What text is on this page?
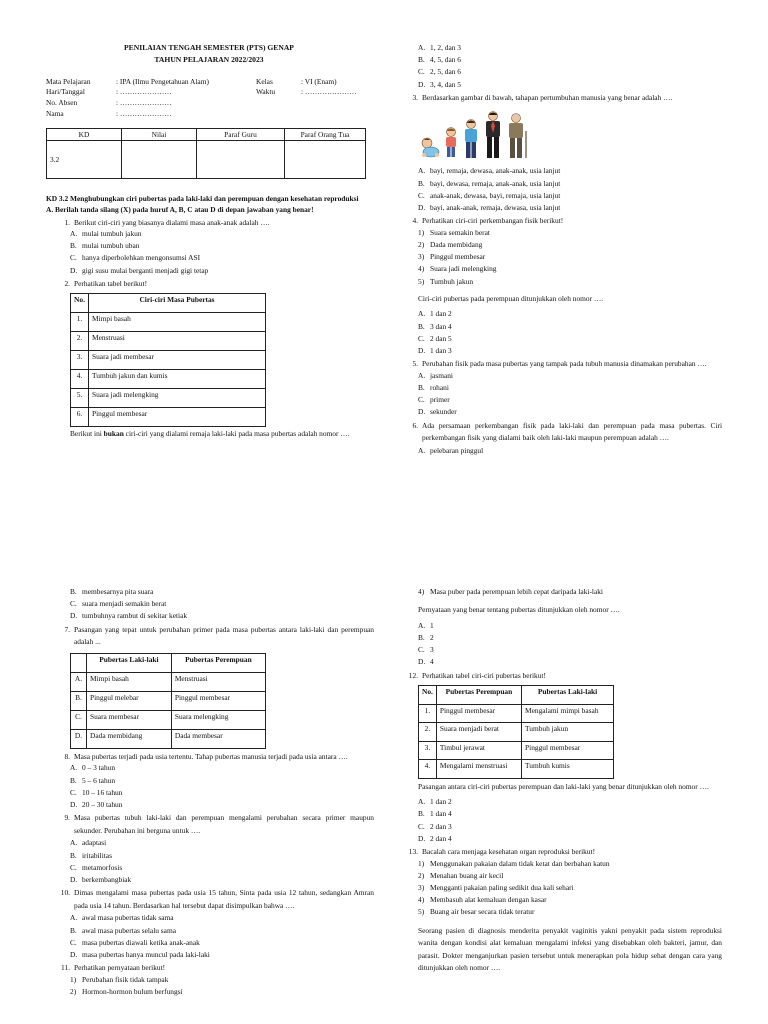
PENILAIAN TENGAH SEMESTER (PTS) GENAP
TAHUN PELAJARAN 2022/2023
Mata Pelajaran	: IPA (Ilmu Pengetahuan Alam)	Kelas	: VI (Enam)
Hari/Tanggal	: …………………	Waktu	: …………………
No. Absen	: …………………
Nama	: …………………
KD	Nilai	Paraf Guru	Paraf Orang Tua
3.2			
KD 3.2 Menghubungkan ciri pubertas pada laki-laki dan perempuan dengan kesehatan reproduksi
A. Berilah tanda silang (X) pada huruf A, B, C atau D di depan jawaban yang benar!
1. Berikut ciri-ciri yang biasanya dialami masa anak-anak adalah ….
A. mulai tumbuh jakun
B. mulai tumbuh uban
C. hanya diperbolehkan mengonsumsi ASI
D. gigi susu mulai berganti menjadi gigi tetap
2. Perhatikan tabel berikut!
No.	Ciri-ciri Masa Pubertas
1.	Mimpi basah
2.	Menstruasi
3.	Suara jadi membesar
4.	Tumbuh jakun dan kumis
5.	Suara jadi melengking
6.	Pinggul membesar
Berikut ini bukan ciri-ciri yang dialami remaja laki-laki pada masa pubertas adalah nomor ….
A. 1, 2, dan 3
B. 4, 5, dan 6
C. 2, 5, dan 6
D. 3, 4, dan 5
3. Berdasarkan gambar di bawah, tahapan pertumbuhan manusia yang benar adalah ….
A. bayi, remaja, dewasa, anak-anak, usia lanjut
B. bayi, dewasa, remaja, anak-anak, usia lanjut
C. anak-anak, dewasa, bayi, remaja, usia lanjut
D. bayi, anak-anak, remaja, dewasa, usia lanjut
4. Perhatikan ciri-ciri perkembangan fisik berikut!
1) Suara semakin berat
2) Dada membidang
3) Pinggul membesar
4) Suara jadi melengking
5) Tumbuh jakun
Ciri-ciri pubertas pada perempuan ditunjukkan oleh nomor ….
A. 1 dan 2
B. 3 dan 4
C. 2 dan 5
D. 1 dan 3
5. Perubahan fisik pada masa pubertas yang tampak pada tubuh manusia dinamakan perubahan ….
A. jasmani
B. rohani
C. primer
D. sekunder
6. Ada persamaan perkembangan fisik pada laki-laki dan perempuan pada masa pubertas. Ciri perkembangan fisik yang dialami baik oleh laki-laki maupun perempuan adalah ….
A. pelebaran pinggul
B. membesarnya pita suara
C. suara menjadi semakin berat
D. tumbuhnya rambut di sekitar ketiak
7. Pasangan yang tepat untuk perubahan primer pada masa pubertas antara laki-laki dan perempuan adalah ...
	Pubertas Laki-laki	Pubertas Perempuan
A.	Mimpi basah	Menstruasi
B.	Pinggul melebar	Pinggul membesar
C.	Suara membesar	Suara melengking
D.	Dada membidang	Dada membesar
8. Masa pubertas terjadi pada usia tertentu. Tahap pubertas manusia terjadi pada usia antara ….
A. 0 – 3 tahun
B. 5 – 6 tahun
C. 10 – 16 tahun
D. 20 – 30 tahun
9. Masa pubertas tubuh laki-laki dan perempuan mengalami perubahan secara primer maupun sekunder. Perubahan ini berguna untuk ….
A. adaptasi
B. iritabilitas
C. metamorfosis
D. berkembangbiak
10. Dimas mengalami masa pubertas pada usia 15 tahun, Sinta pada usia 12 tahun, sedangkan Amran pada usia 14 tahun. Berdasarkan hal tersebut dapat disimpulkan bahwa ….
A. awal masa pubertas tidak sama
B. awal masa pubertas selalu sama
C. masa pubertas diawali ketika anak-anak
D. masa pubertas hanya muncul pada laki-laki
11. Perhatikan pernyataan berikut!
1) Perubahan fisik tidak tampak
2) Hormon-hormon bulum berfungsi
4) Masa puber pada perempuan lebih cepat daripada laki-laki
Pernyataan yang benar tentang pubertas ditunjukkan oleh nomor ….
A. 1
B. 2
C. 3
D. 4
12. Perhatikan tabel ciri-ciri pubertas berikut!
No.	Pubertas Perempuan	Pubertas Laki-laki
1.	Pinggul membesar	Mengalami mimpi basah
2.	Suara menjadi berat	Tumbuh jakun
3.	Timbul jerawat	Pinggul membesar
4.	Mengalami menstruasi	Tumbuh kumis
Pasangan antara ciri-ciri pubertas perempuan dan laki-laki yang benar ditunjukkan oleh nomor ….
A. 1 dan 2
B. 1 dan 4
C. 2 dan 3
D. 2 dan 4
13. Bacalah cara menjaga kesehatan organ reproduksi berikut!
1) Menggunakan pakaian dalam tidak ketat dan berbahan katun
2) Menahan buang air kecil
3) Mengganti pakaian paling sedikit dua kali sehari
4) Membasuh alat kemaluan dengan kasar
5) Buang air besar secara tidak teratur
Seorang pasien di diagnosis menderita penyakit vaginitis yakni penyakit pada sistem reproduksi wanita dengan kondisi alat kemaluan mengalami infeksi yang disebabkan oleh bakteri, jamur, dan parasit. Dokter menganjurkan pasien tersebut untuk menerapkan pola hidup sehat dengan cara yang ditunjukkan oleh nomor ….
